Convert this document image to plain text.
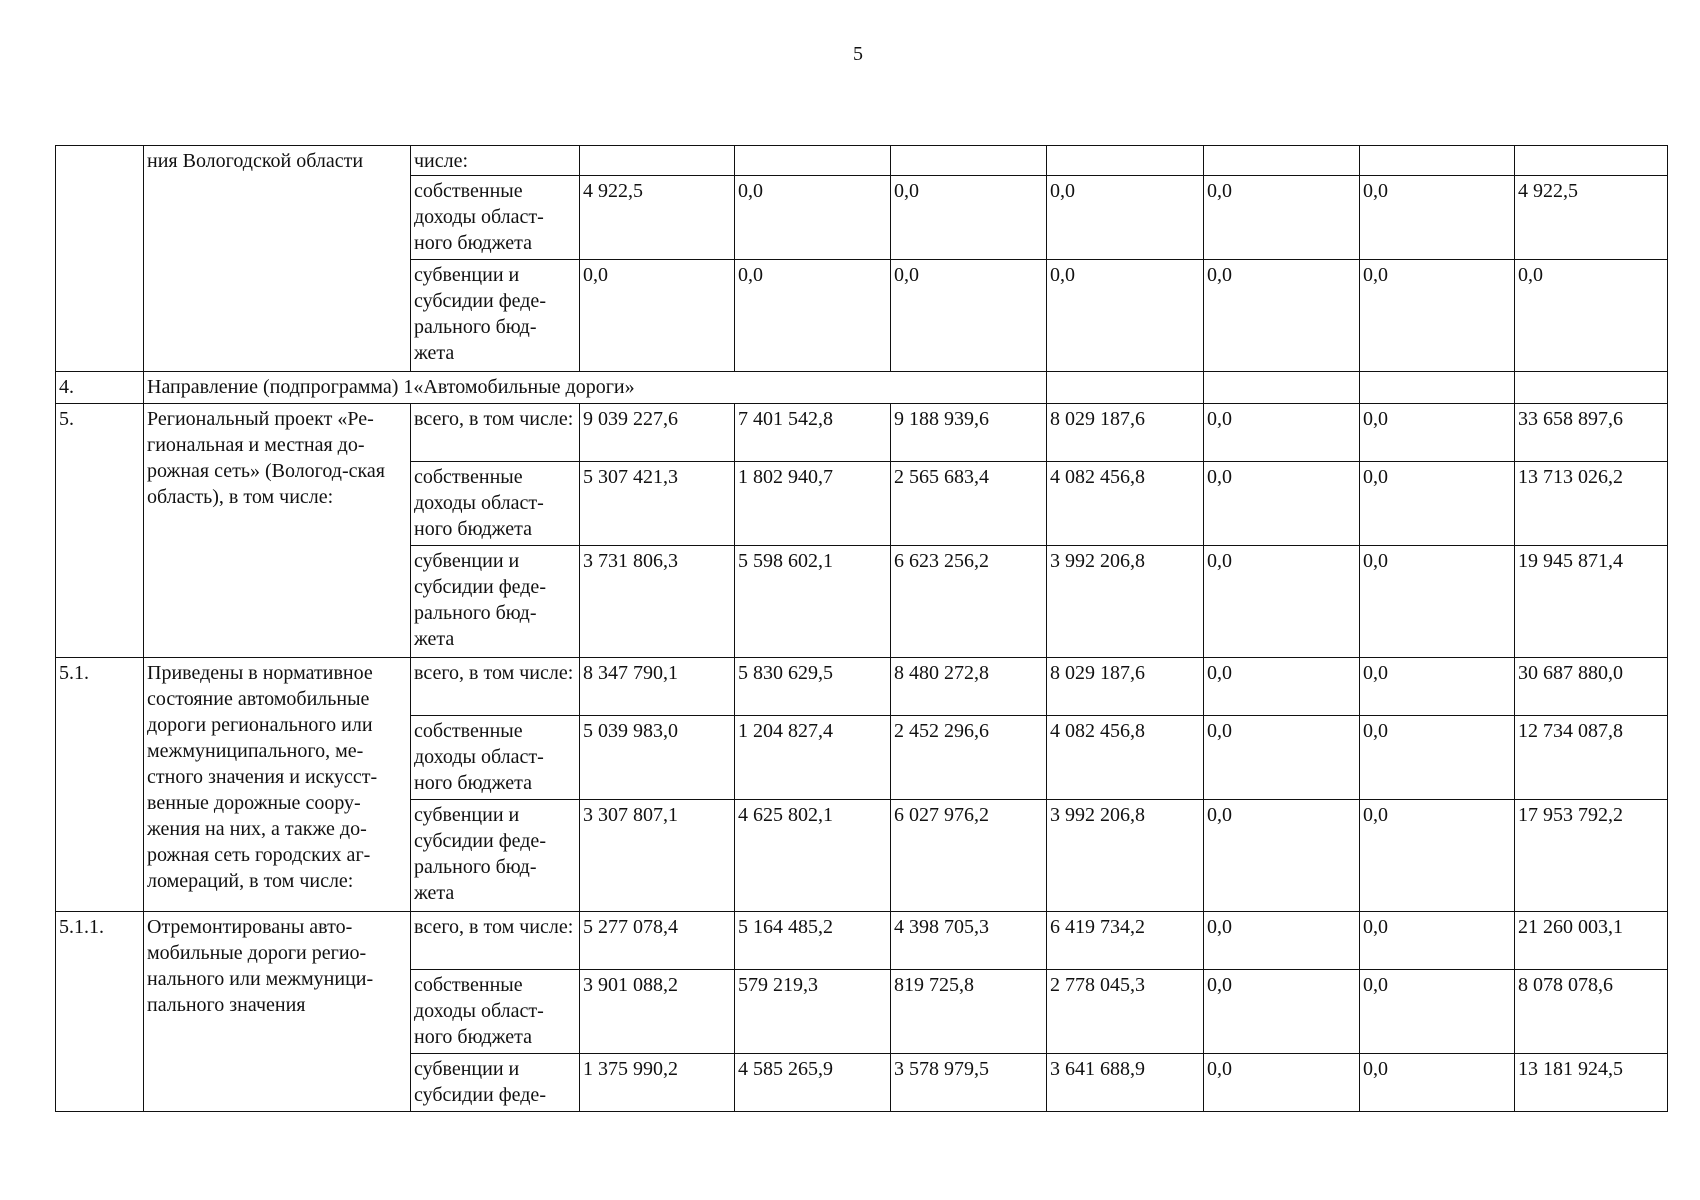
5
	ния Вологодской области	числе:							
		собственные доходы област-ного бюджета	4 922,5	0,0	0,0	0,0	0,0	0,0	4 922,5
		субвенции и субсидии феде-рального бюд-жета	0,0	0,0	0,0	0,0	0,0	0,0	0,0
4.	Направление (подпрограмма) 1«Автомобильные дороги»								
5.	Региональный проект «Ре-гиональная и местная до-рожная сеть» (Вологод-ская область), в том числе:	всего, в том числе:	9 039 227,6	7 401 542,8	9 188 939,6	8 029 187,6	0,0	0,0	33 658 897,6
		собственные доходы област-ного бюджета	5 307 421,3	1 802 940,7	2 565 683,4	4 082 456,8	0,0	0,0	13 713 026,2
		субвенции и субсидии феде-рального бюд-жета	3 731 806,3	5 598 602,1	6 623 256,2	3 992 206,8	0,0	0,0	19 945 871,4
5.1.	Приведены в нормативное состояние автомобильные дороги регионального или межмуниципального, ме-стного значения и искусст-венные дорожные соору-жения на них, а также до-рожная сеть городских аг-ломераций, в том числе:	всего, в том числе:	8 347 790,1	5 830 629,5	8 480 272,8	8 029 187,6	0,0	0,0	30 687 880,0
		собственные доходы област-ного бюджета	5 039 983,0	1 204 827,4	2 452 296,6	4 082 456,8	0,0	0,0	12 734 087,8
		субвенции и субсидии феде-рального бюд-жета	3 307 807,1	4 625 802,1	6 027 976,2	3 992 206,8	0,0	0,0	17 953 792,2
5.1.1.	Отремонтированы авто-мобильные дороги регио-нального или межмуници-пального значения	всего, в том числе:	5 277 078,4	5 164 485,2	4 398 705,3	6 419 734,2	0,0	0,0	21 260 003,1
		собственные доходы област-ного бюджета	3 901 088,2	579 219,3	819 725,8	2 778 045,3	0,0	0,0	8 078 078,6
		субвенции и субсидии феде-	1 375 990,2	4 585 265,9	3 578 979,5	3 641 688,9	0,0	0,0	13 181 924,5
